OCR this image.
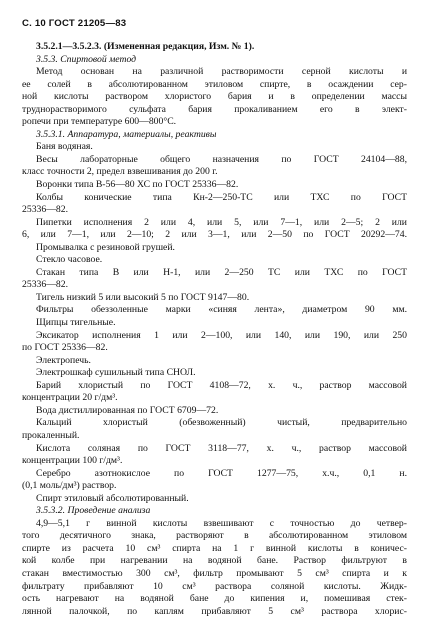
С. 10 ГОСТ 21205—83
3.5.2.1—3.5.2.3. (Измененная редакция, Изм. № 1).
3.5.3. Спиртовой метод
Метод основан на различной растворимости серной кислоты и
ее солей в абсолютированном этиловом спирте, в осаждении сер-
ной кислоты раствором хлористого бария и в определении массы
труднорастворимого сульфата бария прокаливанием его в элект-
ропечи при температуре 600—800°С.
3.5.3.1. Аппаратура, материалы, реактивы
Баня водяная.
Весы лабораторные общего назначения по ГОСТ 24104—88,
класс точности 2, предел взвешивания до 200 г.
Воронки типа В-56—80 ХС по ГОСТ 25336—82.
Колбы конические типа Кн-2—250-ТС или ТХС по ГОСТ
25336—82.
Пипетки исполнения 2 или 4, или 5, или 7—1, или 2—5; 2 или
6, или 7—1, или 2—10; 2 или 3—1, или 2—50 по ГОСТ 20292—74.
Промывалка с резиновой грушей.
Стекло часовое.
Стакан типа В или Н-1, или 2—250 ТС или ТХС по ГОСТ
25336—82.
Тигель низкий 5 или высокий 5 по ГОСТ 9147—80.
Фильтры обеззоленные марки «синяя лента», диаметром 90 мм.
Щипцы тигельные.
Эксикатор исполнения 1 или 2—100, или 140, или 190, или 250
по ГОСТ 25336—82.
Электропечь.
Электрошкаф сушильный типа СНОЛ.
Барий хлористый по ГОСТ 4108—72, х. ч., раствор массовой
концентрации 20 г/дм³.
Вода дистиллированная по ГОСТ 6709—72.
Кальций хлористый (обезвоженный) чистый, предварительно
прокаленный.
Кислота соляная по ГОСТ 3118—77, х. ч., раствор массовой
концентрации 100 г/дм³.
Серебро азотнокислое по ГОСТ 1277—75, х.ч., 0,1 н.
(0,1 моль/дм³) раствор.
Спирт этиловый абсолютированный.
3.5.3.2. Проведение анализа
4,9—5,1 г винной кислоты взвешивают с точностью до четвер-
того десятичного знака, растворяют в абсолютированном этиловом
спирте из расчета 10 см³ спирта на 1 г винной кислоты в коничес-
кой колбе при нагревании на водяной бане. Раствор фильтруют в
стакан вместимостью 300 см³, фильтр промывают 5 см³ спирта и к
фильтрату прибавляют 10 см³ раствора соляной кислоты. Жидк-
ость нагревают на водяной бане до кипения и, помешивая стек-
лянной палочкой, по каплям прибавляют 5 см³ раствора хлорис-
